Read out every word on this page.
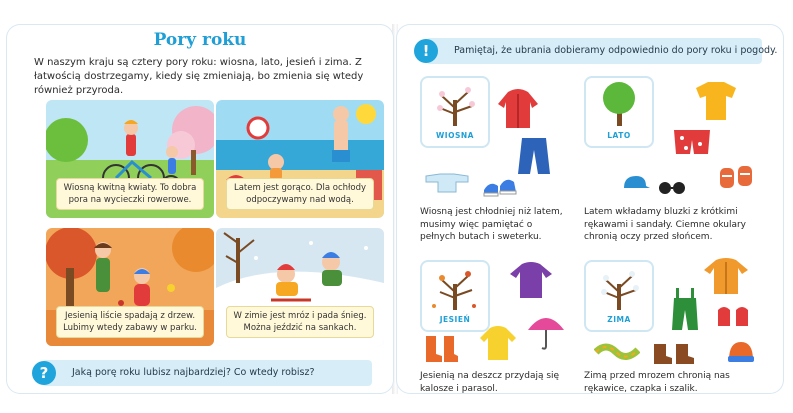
Pory roku
W naszym kraju są cztery pory roku: wiosna, lato, jesień i zima. Z łatwością dostrzegamy, kiedy się zmieniają, bo zmienia się wtedy również przyroda.
Wiosną kwitną kwiaty. To dobra pora na wycieczki rowerowe.
Latem jest gorąco. Dla ochłody odpoczywamy nad wodą.
Jesienią liście spadają z drzew. Lubimy wtedy zabawy w parku.
W zimie jest mróz i pada śnieg. Można jeździć na sankach.
Jaką porę roku lubisz najbardziej? Co wtedy robisz?
?
Pamiętaj, że ubrania dobieramy odpowiednio do pory roku i pogody.
!
WIOSNA
Wiosną jest chłodniej niż latem, musimy więc pamiętać o pełnych butach i sweterku.
LATO
Latem wkładamy bluzki z krótkimi rękawami i sandały. Ciemne okulary chronią oczy przed słońcem.
JESIEŃ
Jesienią na deszcz przydają się kalosze i parasol.
ZIMA
Zimą przed mrozem chronią nas rękawice, czapka i szalik.
